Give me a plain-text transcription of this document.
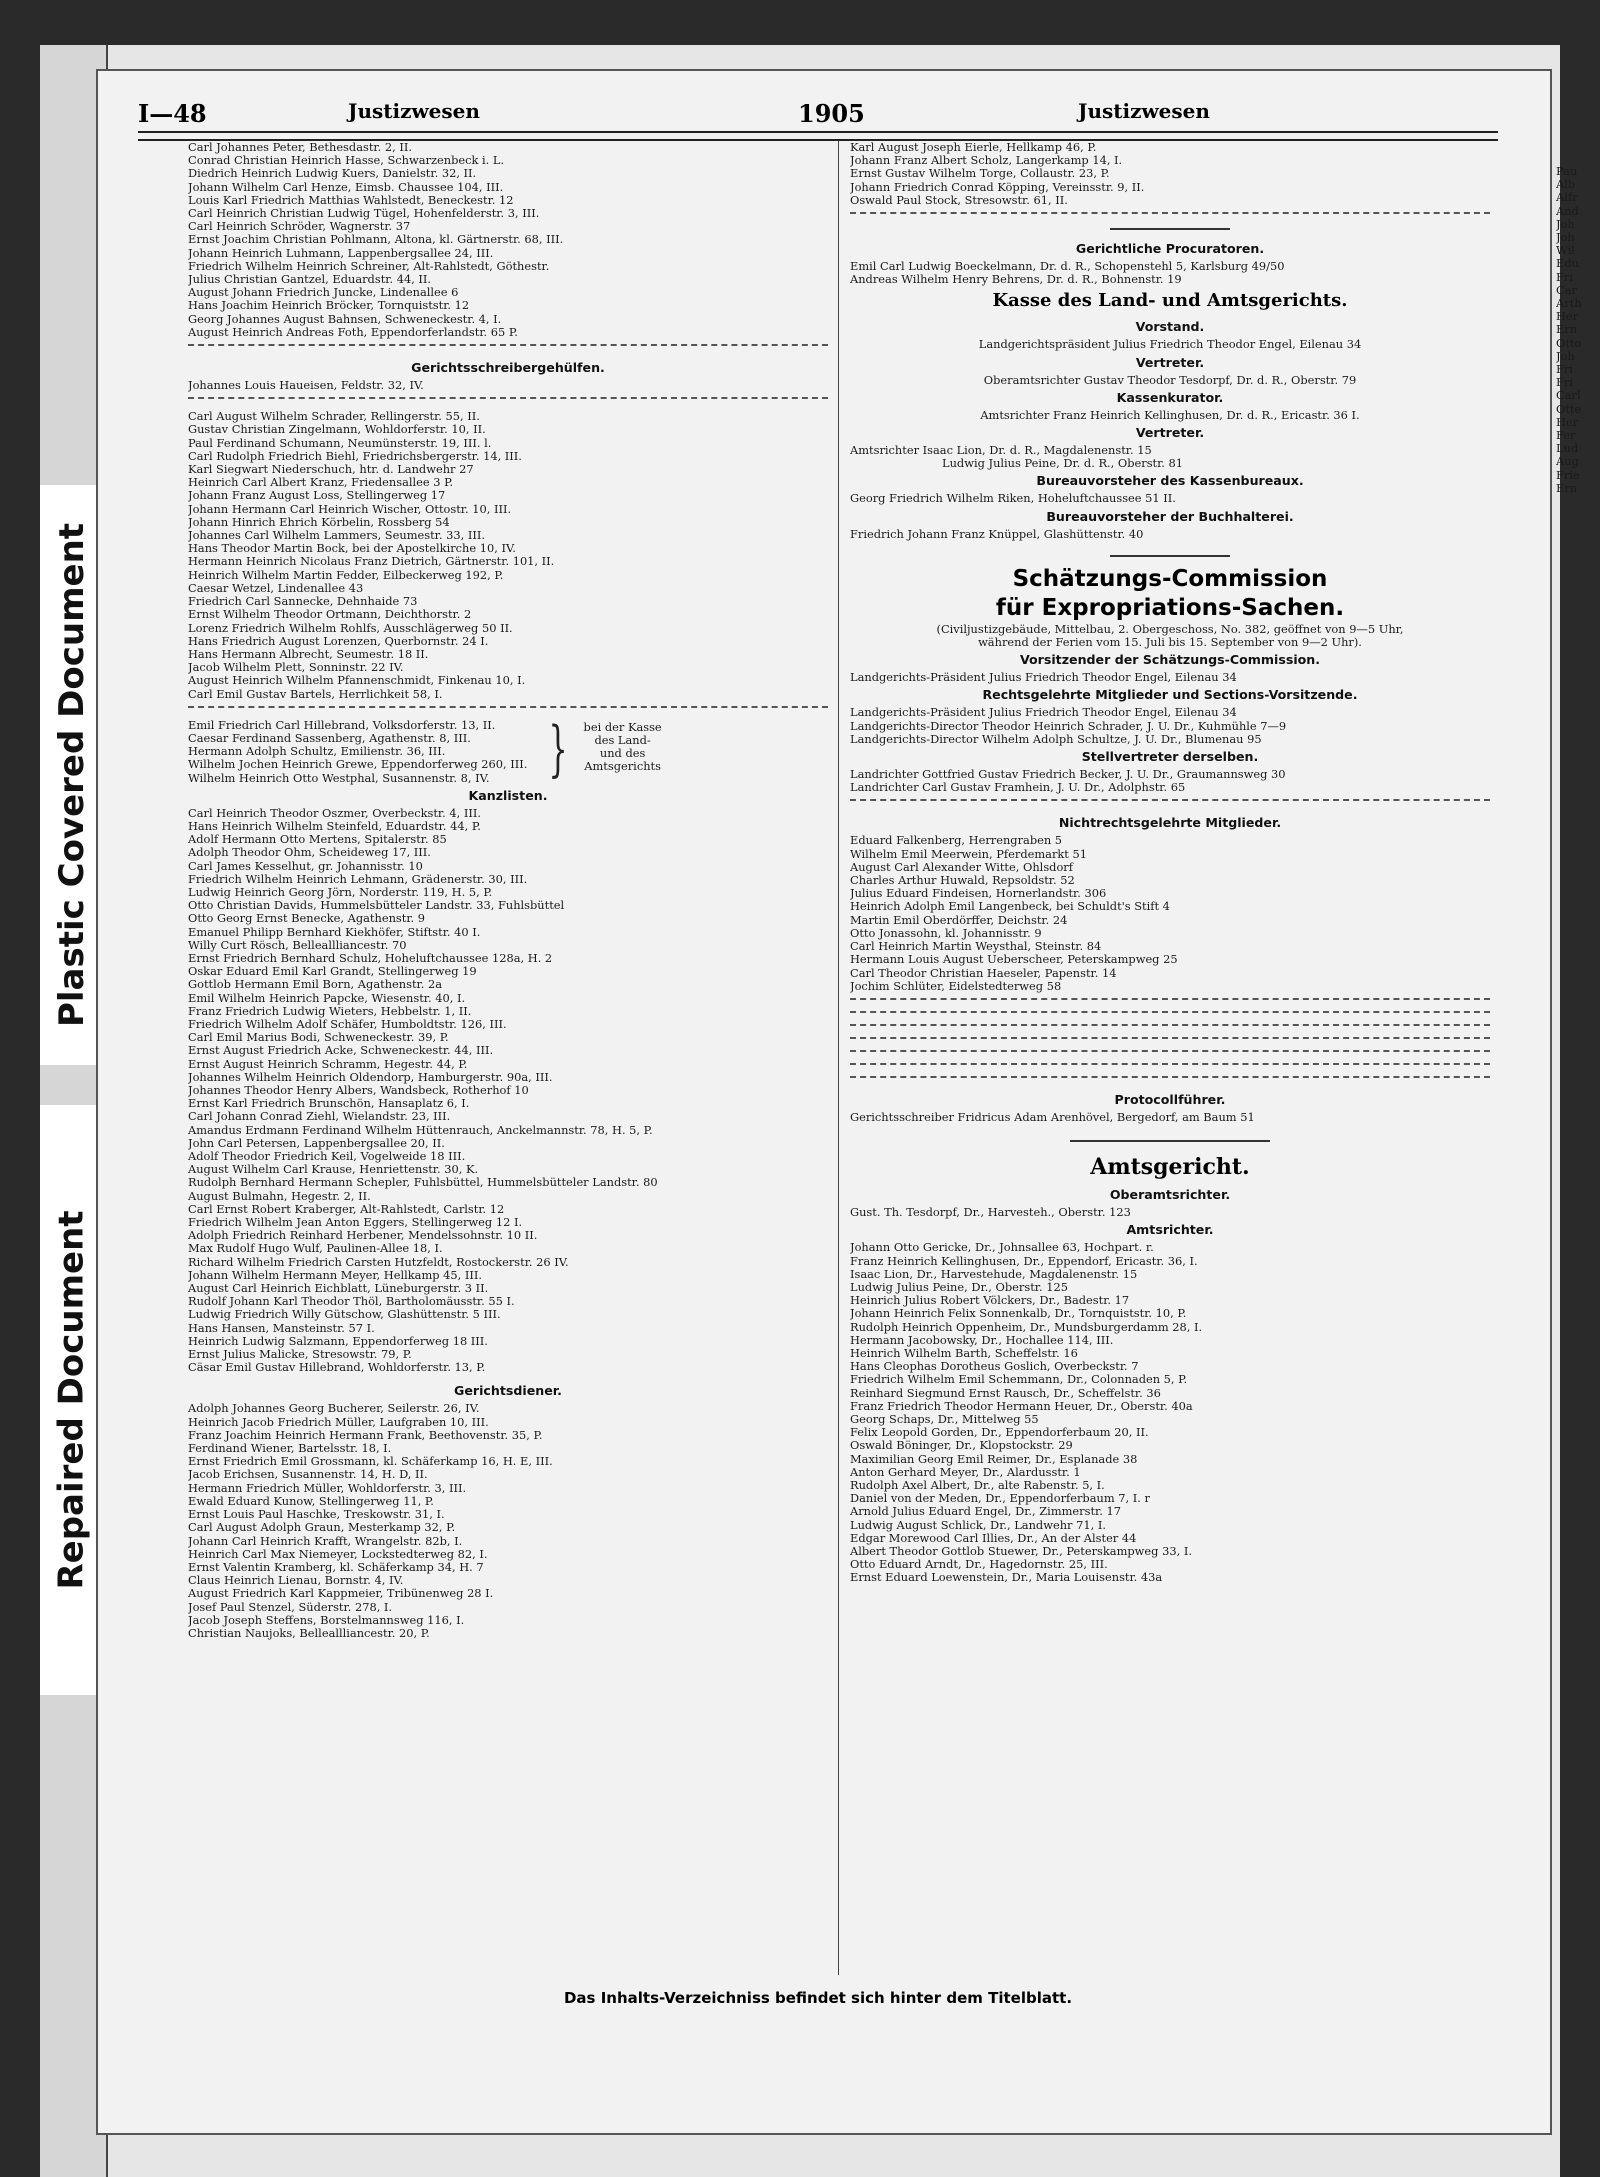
Plastic Covered Document
Repaired Document
I—48	Justizwesen	1905	Justizwesen
Carl Johannes Peter, Bethesdastr. 2, II.
Conrad Christian Heinrich Hasse, Schwarzenbeck i. L.
Diedrich Heinrich Ludwig Kuers, Danielstr. 32, II.
Johann Wilhelm Carl Henze, Eimsb. Chaussee 104, III.
Louis Karl Friedrich Matthias Wahlstedt, Beneckestr. 12
Carl Heinrich Christian Ludwig Tügel, Hohenfelderstr. 3, III.
Carl Heinrich Schröder, Wagnerstr. 37
Ernst Joachim Christian Pohlmann, Altona, kl. Gärtnerstr. 68, III.
Johann Heinrich Luhmann, Lappenbergsallee 24, III.
Friedrich Wilhelm Heinrich Schreiner, Alt-Rahlstedt, Göthestr.
Julius Christian Gantzel, Eduardstr. 44, II.
August Johann Friedrich Juncke, Lindenallee 6
Hans Joachim Heinrich Bröcker, Tornquiststr. 12
Georg Johannes August Bahnsen, Schweneckestr. 4, I.
August Heinrich Andreas Foth, Eppendorferlandstr. 65 P.
Gerichtsschreibergehülfen.
Johannes Louis Haueisen, Feldstr. 32, IV.
Carl August Wilhelm Schrader, Rellingerstr. 55, II.
Gustav Christian Zingelmann, Wohldorferstr. 10, II.
Paul Ferdinand Schumann, Neumünsterstr. 19, III. l.
Carl Rudolph Friedrich Biehl, Friedrichsbergerstr. 14, III.
Karl Siegwart Niederschuch, htr. d. Landwehr 27
Heinrich Carl Albert Kranz, Friedensallee 3 P.
Johann Franz August Loss, Stellingerweg 17
Johann Hermann Carl Heinrich Wischer, Ottostr. 10, III.
Johann Hinrich Ehrich Körbelin, Rossberg 54
Johannes Carl Wilhelm Lammers, Seumestr. 33, III.
Hans Theodor Martin Bock, bei der Apostelkirche 10, IV.
Hermann Heinrich Nicolaus Franz Dietrich, Gärtnerstr. 101, II.
Heinrich Wilhelm Martin Fedder, Eilbeckerweg 192, P.
Caesar Wetzel, Lindenallee 43
Friedrich Carl Sannecke, Dehnhaide 73
Ernst Wilhelm Theodor Ortmann, Deichthorstr. 2
Lorenz Friedrich Wilhelm Rohlfs, Ausschlägerweg 50 II.
Hans Friedrich August Lorenzen, Querbornstr. 24 I.
Hans Hermann Albrecht, Seumestr. 18 II.
Jacob Wilhelm Plett, Sonninstr. 22 IV.
August Heinrich Wilhelm Pfannenschmidt, Finkenau 10, I.
Carl Emil Gustav Bartels, Herrlichkeit 58, I.
Emil Friedrich Carl Hillebrand, Volksdorferstr. 13, II.
Caesar Ferdinand Sassenberg, Agathenstr. 8, III.
Hermann Adolph Schultz, Emilienstr. 36, III.
Wilhelm Jochen Heinrich Grewe, Eppendorferweg 260, III.
Wilhelm Heinrich Otto Westphal, Susannenstr. 8, IV. } bei der Kasse
des Land-
und des
Amtsgerichts
Kanzlisten.
Carl Heinrich Theodor Oszmer, Overbeckstr. 4, III.
Hans Heinrich Wilhelm Steinfeld, Eduardstr. 44, P.
Adolf Hermann Otto Mertens, Spitalerstr. 85
Adolph Theodor Ohm, Scheideweg 17, III.
Carl James Kesselhut, gr. Johannisstr. 10
Friedrich Wilhelm Heinrich Lehmann, Grädenerstr. 30, III.
Ludwig Heinrich Georg Jörn, Norderstr. 119, H. 5, P.
Otto Christian Davids, Hummelsbütteler Landstr. 33, Fuhlsbüttel
Otto Georg Ernst Benecke, Agathenstr. 9
Emanuel Philipp Bernhard Kiekhöfer, Stiftstr. 40 I.
Willy Curt Rösch, Belleallliancestr. 70
Ernst Friedrich Bernhard Schulz, Hoheluftchaussee 128a, H. 2
Oskar Eduard Emil Karl Grandt, Stellingerweg 19
Gottlob Hermann Emil Born, Agathenstr. 2a
Emil Wilhelm Heinrich Papcke, Wiesenstr. 40, I.
Franz Friedrich Ludwig Wieters, Hebbelstr. 1, II.
Friedrich Wilhelm Adolf Schäfer, Humboldtstr. 126, III.
Carl Emil Marius Bodi, Schweneckestr. 39, P.
Ernst August Friedrich Acke, Schweneckestr. 44, III.
Ernst August Heinrich Schramm, Hegestr. 44, P.
Johannes Wilhelm Heinrich Oldendorp, Hamburgerstr. 90a, III.
Johannes Theodor Henry Albers, Wandsbeck, Rotherhof 10
Ernst Karl Friedrich Brunschön, Hansaplatz 6, I.
Carl Johann Conrad Ziehl, Wielandstr. 23, III.
Amandus Erdmann Ferdinand Wilhelm Hüttenrauch, Anckelmannstr. 78, H. 5, P.
John Carl Petersen, Lappenbergsallee 20, II.
Adolf Theodor Friedrich Keil, Vogelweide 18 III.
August Wilhelm Carl Krause, Henriettenstr. 30, K.
Rudolph Bernhard Hermann Schepler, Fuhlsbüttel, Hummelsbütteler Landstr. 80
August Bulmahn, Hegestr. 2, II.
Carl Ernst Robert Kraberger, Alt-Rahlstedt, Carlstr. 12
Friedrich Wilhelm Jean Anton Eggers, Stellingerweg 12 I.
Adolph Friedrich Reinhard Herbener, Mendelssohnstr. 10 II.
Max Rudolf Hugo Wulf, Paulinen-Allee 18, I.
Richard Wilhelm Friedrich Carsten Hutzfeldt, Rostockerstr. 26 IV.
Johann Wilhelm Hermann Meyer, Hellkamp 45, III.
August Carl Heinrich Eichblatt, Lüneburgerstr. 3 II.
Rudolf Johann Karl Theodor Thöl, Bartholomäusstr. 55 I.
Ludwig Friedrich Willy Gütschow, Glashüttenstr. 5 III.
Hans Hansen, Mansteinstr. 57 I.
Heinrich Ludwig Salzmann, Eppendorferweg 18 III.
Ernst Julius Malicke, Stresowstr. 79, P.
Cäsar Emil Gustav Hillebrand, Wohldorferstr. 13, P.
Gerichtsdiener.
Adolph Johannes Georg Bucherer, Seilerstr. 26, IV.
Heinrich Jacob Friedrich Müller, Laufgraben 10, III.
Franz Joachim Heinrich Hermann Frank, Beethovenstr. 35, P.
Ferdinand Wiener, Bartelsstr. 18, I.
Ernst Friedrich Emil Grossmann, kl. Schäferkamp 16, H. E, III.
Jacob Erichsen, Susannenstr. 14, H. D, II.
Hermann Friedrich Müller, Wohldorferstr. 3, III.
Ewald Eduard Kunow, Stellingerweg 11, P.
Ernst Louis Paul Haschke, Treskowstr. 31, I.
Carl August Adolph Graun, Mesterkamp 32, P.
Johann Carl Heinrich Krafft, Wrangelstr. 82b, I.
Heinrich Carl Max Niemeyer, Lockstedterweg 82, I.
Ernst Valentin Kramberg, kl. Schäferkamp 34, H. 7
Claus Heinrich Lienau, Bornstr. 4, IV.
August Friedrich Karl Kappmeier, Tribünenweg 28 I.
Josef Paul Stenzel, Süderstr. 278, I.
Jacob Joseph Steffens, Borstelmannsweg 116, I.
Christian Naujoks, Belleallliancestr. 20, P.
Karl August Joseph Eierle, Hellkamp 46, P.
Johann Franz Albert Scholz, Langerkamp 14, I.
Ernst Gustav Wilhelm Torge, Collaustr. 23, P.
Johann Friedrich Conrad Köpping, Vereinsstr. 9, II.
Oswald Paul Stock, Stresowstr. 61, II.
Gerichtliche Procuratoren.
Emil Carl Ludwig Boeckelmann, Dr. d. R., Schopenstehl 5, Karlsburg 49/50
Andreas Wilhelm Henry Behrens, Dr. d. R., Bohnenstr. 19
Kasse des Land- und Amtsgerichts.
Vorstand.
Landgerichtspräsident Julius Friedrich Theodor Engel, Eilenau 34
Vertreter.
Oberamtsrichter Gustav Theodor Tesdorpf, Dr. d. R., Oberstr. 79
Kassenkurator.
Amtsrichter Franz Heinrich Kellinghusen, Dr. d. R., Ericastr. 36 I.
Vertreter.
Amtsrichter Isaac Lion, Dr. d. R., Magdalenenstr. 15
Ludwig Julius Peine, Dr. d. R., Oberstr. 81
Bureauvorsteher des Kassenbureaux.
Georg Friedrich Wilhelm Riken, Hoheluftchaussee 51 II.
Bureauvorsteher der Buchhalterei.
Friedrich Johann Franz Knüppel, Glashüttenstr. 40
Schätzungs-Commission
für Expropriations-Sachen.
(Civiljustizgebäude, Mittelbau, 2. Obergeschoss, No. 382, geöffnet von 9—5 Uhr,
während der Ferien vom 15. Juli bis 15. September von 9—2 Uhr).
Vorsitzender der Schätzungs-Commission.
Landgerichts-Präsident Julius Friedrich Theodor Engel, Eilenau 34
Rechtsgelehrte Mitglieder und Sections-Vorsitzende.
Landgerichts-Präsident Julius Friedrich Theodor Engel, Eilenau 34
Landgerichts-Director Theodor Heinrich Schrader, J. U. Dr., Kuhmühle 7—9
Landgerichts-Director Wilhelm Adolph Schultze, J. U. Dr., Blumenau 95
Stellvertreter derselben.
Landrichter Gottfried Gustav Friedrich Becker, J. U. Dr., Graumannsweg 30
Landrichter Carl Gustav Framhein, J. U. Dr., Adolphstr. 65
Nichtrechtsgelehrte Mitglieder.
Eduard Falkenberg, Herrengraben 5
Wilhelm Emil Meerwein, Pferdemarkt 51
August Carl Alexander Witte, Ohlsdorf
Charles Arthur Huwald, Repsoldstr. 52
Julius Eduard Findeisen, Hornerlandstr. 306
Heinrich Adolph Emil Langenbeck, bei Schuldt's Stift 4
Martin Emil Oberdörffer, Deichstr. 24
Otto Jonassohn, kl. Johannisstr. 9
Carl Heinrich Martin Weysthal, Steinstr. 84
Hermann Louis August Ueberscheer, Peterskampweg 25
Carl Theodor Christian Haeseler, Papenstr. 14
Jochim Schlüter, Eidelstedterweg 58
Protocollführer.
Gerichtsschreiber Fridricus Adam Arenhövel, Bergedorf, am Baum 51
Amtsgericht.
Oberamtsrichter.
Gust. Th. Tesdorpf, Dr., Harvesteh., Oberstr. 123
Amtsrichter.
Johann Otto Gericke, Dr., Johnsallee 63, Hochpart. r.
Franz Heinrich Kellinghusen, Dr., Eppendorf, Ericastr. 36, I.
Isaac Lion, Dr., Harvestehude, Magdalenenstr. 15
Ludwig Julius Peine, Dr., Oberstr. 125
Heinrich Julius Robert Völckers, Dr., Badestr. 17
Johann Heinrich Felix Sonnenkalb, Dr., Tornquiststr. 10, P.
Rudolph Heinrich Oppenheim, Dr., Mundsburgerdamm 28, I.
Hermann Jacobowsky, Dr., Hochallee 114, III.
Heinrich Wilhelm Barth, Scheffelstr. 16
Hans Cleophas Dorotheus Goslich, Overbeckstr. 7
Friedrich Wilhelm Emil Schemmann, Dr., Colonnaden 5, P.
Reinhard Siegmund Ernst Rausch, Dr., Scheffelstr. 36
Franz Friedrich Theodor Hermann Heuer, Dr., Oberstr. 40a
Georg Schaps, Dr., Mittelweg 55
Felix Leopold Gorden, Dr., Eppendorferbaum 20, II.
Oswald Böninger, Dr., Klopstockstr. 29
Maximilian Georg Emil Reimer, Dr., Esplanade 38
Anton Gerhard Meyer, Dr., Alardusstr. 1
Rudolph Axel Albert, Dr., alte Rabenstr. 5, I.
Daniel von der Meden, Dr., Eppendorferbaum 7, I. r
Arnold Julius Eduard Engel, Dr., Zimmerstr. 17
Ludwig August Schlick, Dr., Landwehr 71, I.
Edgar Morewood Carl Illies, Dr., An der Alster 44
Albert Theodor Gottlob Stuewer, Dr., Peterskampweg 33, I.
Otto Eduard Arndt, Dr., Hagedornstr. 25, III.
Ernst Eduard Loewenstein, Dr., Maria Louisenstr. 43a
Das Inhalts-Verzeichniss befindet sich hinter dem Titelblatt.
Pau
Alb
Alfr
And
Joh
Joh
Wil
Edu
Fri
Car
Arth
Her
Ern
Otto
Joh
Fri
Fri
Carl
Otte
Her
Fer
Lud
Aug
Frie
Ern
